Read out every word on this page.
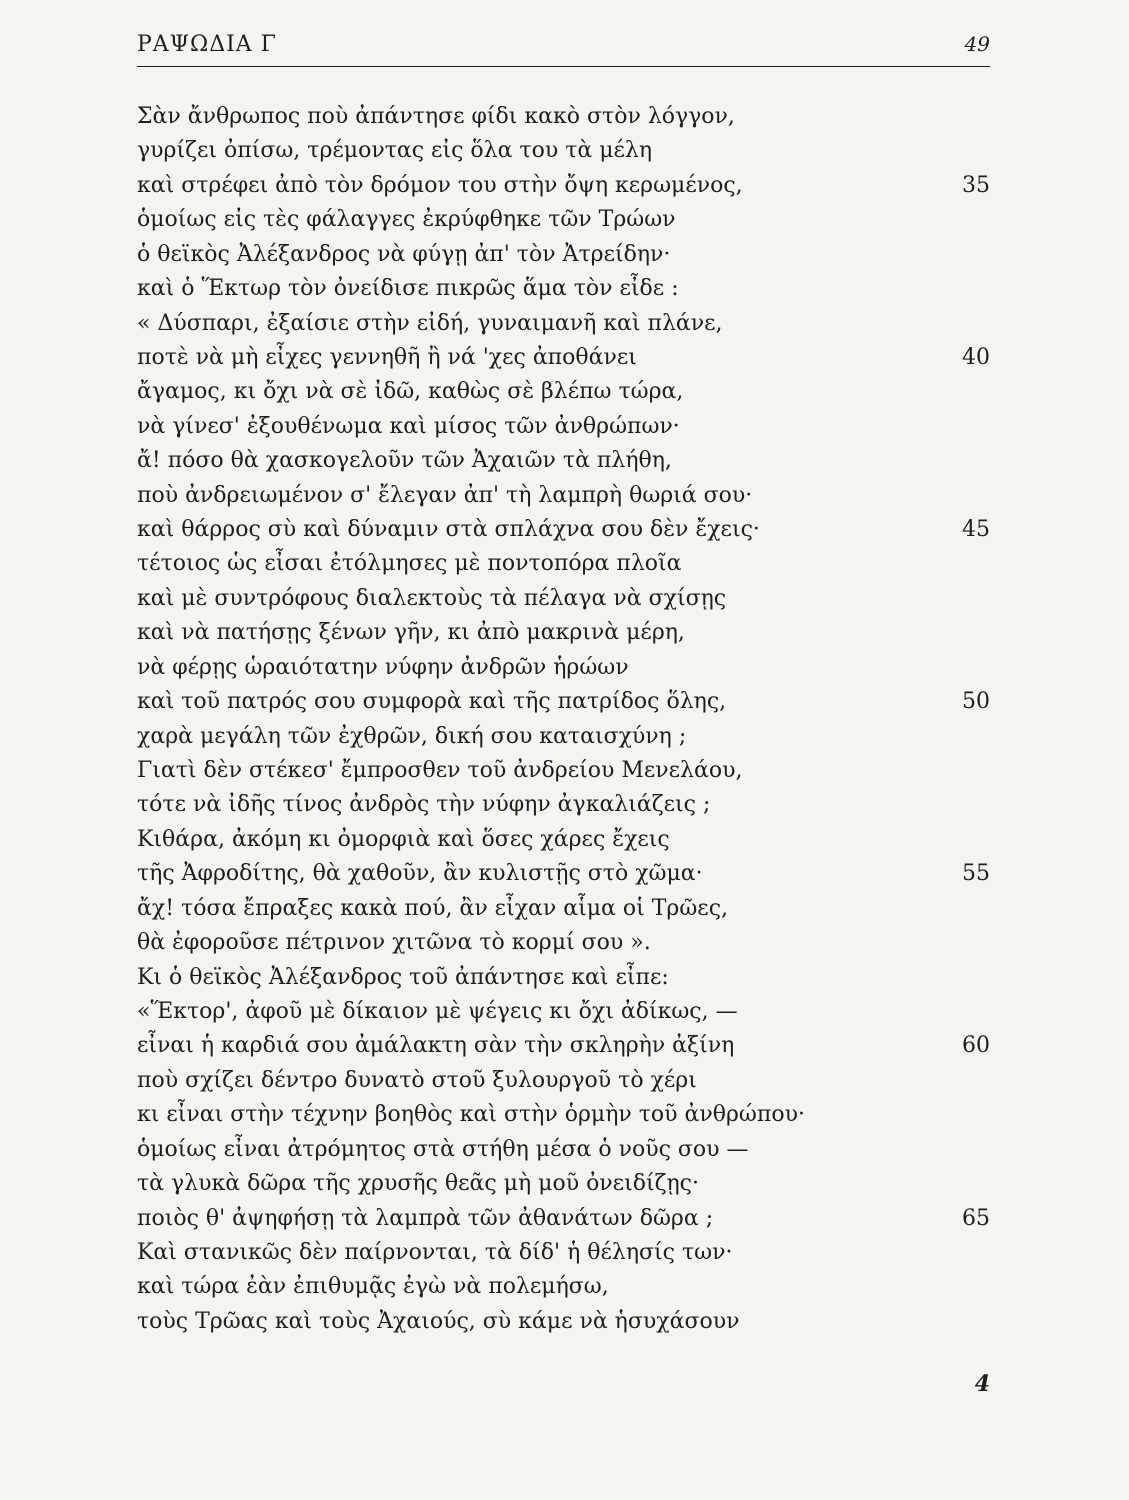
ΡΑΨΩΔΙΑ Γ	49
Σὰν ἄνθρωπος ποὺ ἀπάντησε φίδι κακὸ στὸν λόγγον,
γυρίζει ὀπίσω, τρέμοντας εἰς ὅλα του τὰ μέλη
καὶ στρέφει ἀπὸ τὸν δρόμον του στὴν ὄψη κερωμένος,	35
ὁμοίως εἰς τὲς φάλαγγες ἐκρύφθηκε τῶν Τρώων
ὁ θεϊκὸς Ἀλέξανδρος νὰ φύγῃ ἀπ' τὸν Ἀτρείδην·
καὶ ὁ Ἕκτωρ τὸν ὀνείδισε πικρῶς ἅμα τὸν εἶδε :
« Δύσπαρι, ἐξαίσιε στὴν εἰδή, γυναιμανῆ καὶ πλάνε,
ποτὲ νὰ μὴ εἶχες γεννηθῆ ἢ νά 'χες ἀποθάνει	40
ἄγαμος, κι ὄχι νὰ σὲ ἰδῶ, καθὼς σὲ βλέπω τώρα,
νὰ γίνεσ' ἐξουθένωμα καὶ μίσος τῶν ἀνθρώπων·
ἄ! πόσο θὰ χασκογελοῦν τῶν Ἀχαιῶν τὰ πλήθη,
ποὺ ἀνδρειωμένον σ' ἔλεγαν ἀπ' τὴ λαμπρὴ θωριά σου·
καὶ θάρρος σὺ καὶ δύναμιν στὰ σπλάχνα σου δὲν ἔχεις·	45
τέτοιος ὡς εἶσαι ἐτόλμησες μὲ ποντοπόρα πλοῖα
καὶ μὲ συντρόφους διαλεκτοὺς τὰ πέλαγα νὰ σχίσῃς
καὶ νὰ πατήσῃς ξένων γῆν, κι ἀπὸ μακρινὰ μέρη,
νὰ φέρῃς ὡραιότατην νύφην ἀνδρῶν ἡρώων
καὶ τοῦ πατρός σου συμφορὰ καὶ τῆς πατρίδος ὅλης,	50
χαρὰ μεγάλη τῶν ἐχθρῶν, δική σου καταισχύνη ;
Γιατὶ δὲν στέκεσ' ἔμπροσθεν τοῦ ἀνδρείου Μενελάου,
τότε νὰ ἰδῆς τίνος ἀνδρὸς τὴν νύφην ἀγκαλιάζεις ;
Κιθάρα, ἀκόμη κι ὀμορφιὰ καὶ ὅσες χάρες ἔχεις
τῆς Ἀφροδίτης, θὰ χαθοῦν, ἂν κυλιστῇς στὸ χῶμα·	55
ἄχ! τόσα ἔπραξες κακὰ πού, ἂν εἶχαν αἷμα οἱ Τρῶες,
θὰ ἐφοροῦσε πέτρινον χιτῶνα τὸ κορμί σου ».
Κι ὁ θεϊκὸς Ἀλέξανδρος τοῦ ἀπάντησε καὶ εἶπε:
«Ἕκτορ', ἀφοῦ μὲ δίκαιον μὲ ψέγεις κι ὄχι ἀδίκως, —
εἶναι ἡ καρδιά σου ἀμάλακτη σὰν τὴν σκληρὴν ἀξίνη	60
ποὺ σχίζει δέντρο δυνατὸ στοῦ ξυλουργοῦ τὸ χέρι
κι εἶναι στὴν τέχνην βοηθὸς καὶ στὴν ὁρμὴν τοῦ ἀνθρώπου·
ὁμοίως εἶναι ἀτρόμητος στὰ στήθη μέσα ὁ νοῦς σου —
τὰ γλυκὰ δῶρα τῆς χρυσῆς θεᾶς μὴ μοῦ ὀνειδίζῃς·
ποιὸς θ' ἀψηφήσῃ τὰ λαμπρὰ τῶν ἀθανάτων δῶρα ;	65
Καὶ στανικῶς δὲν παίρνονται, τὰ δίδ' ἡ θέλησίς των·
καὶ τώρα ἐὰν ἐπιθυμᾷς ἐγὼ νὰ πολεμήσω,
τοὺς Τρῶας καὶ τοὺς Ἀχαιούς, σὺ κάμε νὰ ἡσυχάσουν
4
